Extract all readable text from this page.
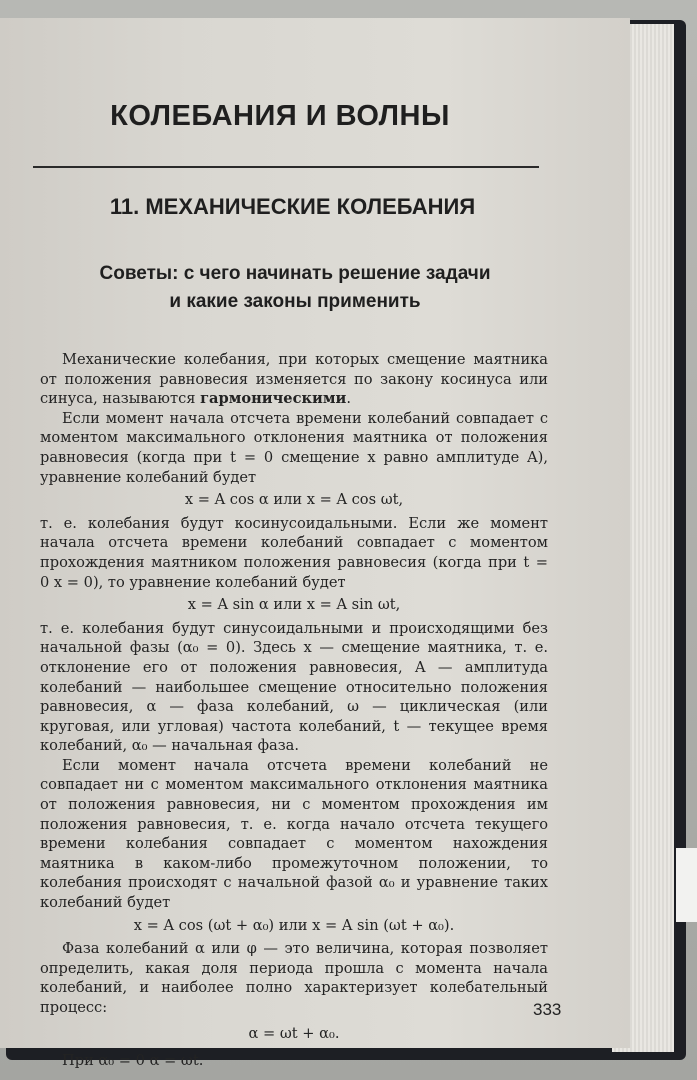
КОЛЕБАНИЯ И ВОЛНЫ
11. МЕХАНИЧЕСКИЕ КОЛЕБАНИЯ
Советы: с чего начинать решение задачи
и какие законы применить

Механические колебания, при которых смещение маятника от положения равновесия изменяется по закону косинуса или синуса, называются гармоническими.

Если момент начала отсчета времени колебаний совпадает с моментом максимального отклонения маятника от положения равновесия (когда при t = 0 смещение x равно амплитуде A), уравнение колебаний будет

x = A cos α или x = A cos ωt,

т. е. колебания будут косинусоидальными. Если же момент начала отсчета времени колебаний совпадает с моментом прохождения маятником положения равновесия (когда при t = 0 x = 0), то уравнение колебаний будет

x = A sin α или x = A sin ωt,

т. е. колебания будут синусоидальными и происходящими без начальной фазы (α₀ = 0). Здесь x — смещение маятника, т. е. отклонение его от положения равновесия, A — амплитуда колебаний — наибольшее смещение относительно положения равновесия, α — фаза колебаний, ω — циклическая (или круговая, или угловая) частота колебаний, t — текущее время колебаний, α₀ — начальная фаза.

Если момент начала отсчета времени колебаний не совпадает ни с моментом максимального отклонения маятника от положения равновесия, ни с моментом прохождения им положения равновесия, т. е. когда начало отсчета текущего времени колебания совпадает с моментом нахождения маятника в каком-либо промежуточном положении, то колебания происходят с начальной фазой α₀ и уравнение таких колебаний будет

x = A cos (ωt + α₀) или x = A sin (ωt + α₀).

Фаза колебаний α или φ — это величина, которая позволяет определить, какая доля периода прошла с момента начала колебаний, и наиболее полно характеризует колебательный процесс:

α = ωt + α₀.

При α₀ = 0 α = ωt.

333
